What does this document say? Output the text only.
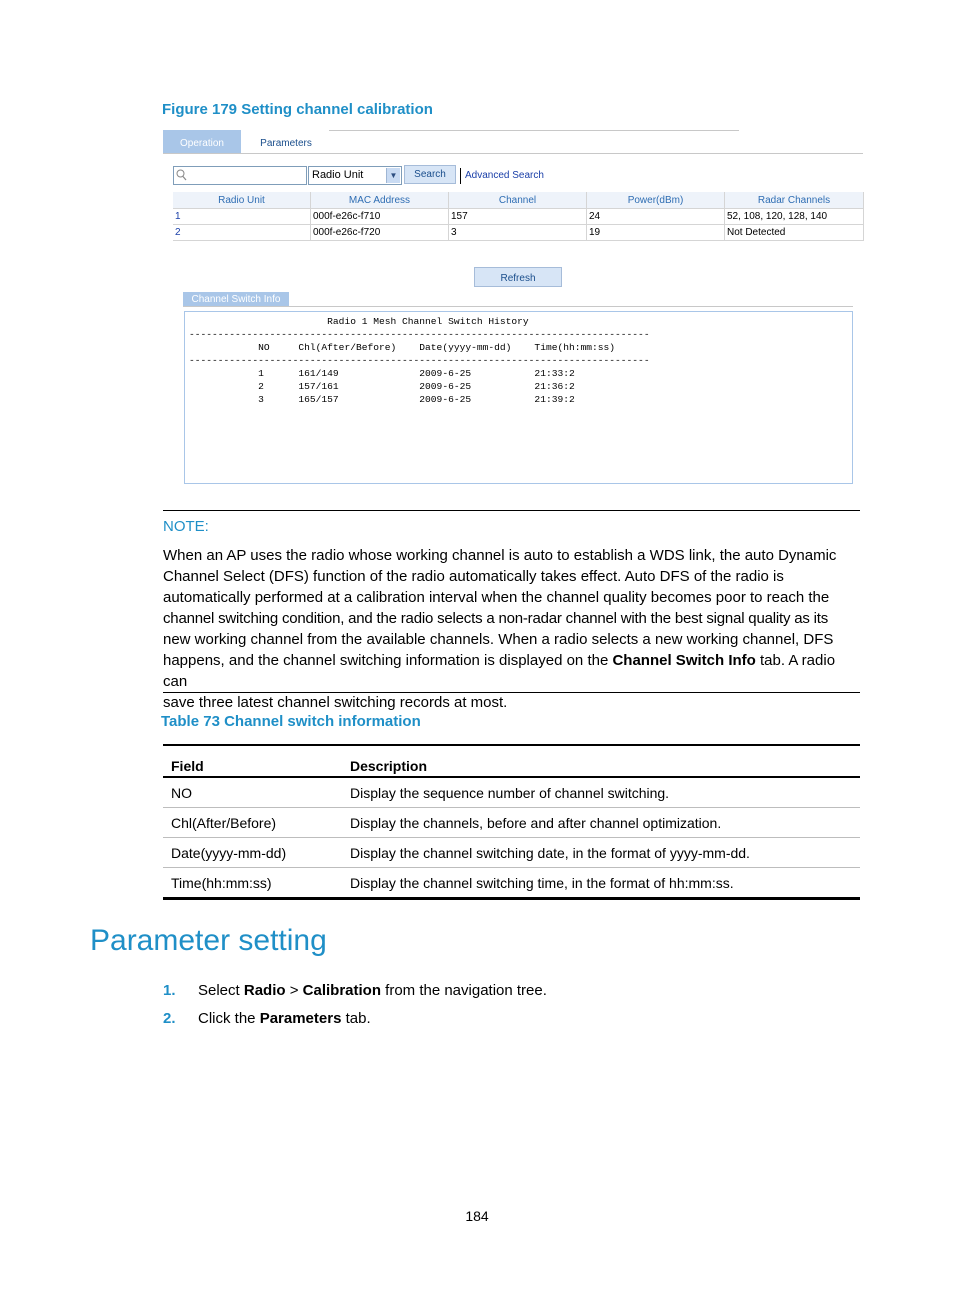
Figure 179 Setting channel calibration
Operation	Parameters
Radio Unit	▼	Search	Advanced Search
Radio Unit	MAC Address	Channel	Power(dBm)	Radar Channels
1	000f-e26c-f710	157	24	52, 108, 120, 128, 140
2	000f-e26c-f720	3	19	Not Detected
Refresh
Channel Switch Info
Radio 1 Mesh Channel Switch History
--------------------------------------------------------------------------------
NO     Chl(After/Before)    Date(yyyy-mm-dd)    Time(hh:mm:ss)
--------------------------------------------------------------------------------
1      161/149              2009-6-25           21:33:2
2      157/161              2009-6-25           21:36:2
3      165/157              2009-6-25           21:39:2
NOTE:

When an AP uses the radio whose working channel is auto to establish a WDS link, the auto Dynamic

Channel Select (DFS) function of the radio automatically takes effect. Auto DFS of the radio is

automatically performed at a calibration interval when the channel quality becomes poor to reach the

channel switching condition, and the radio selects a non-radar channel with the best signal quality as its

new working channel from the available channels. When a radio selects a new working channel, DFS

happens, and the channel switching information is displayed on the Channel Switch Info tab. A radio can

save three latest channel switching records at most.

Table 73 Channel switch information
Field	Description
NO	Display the sequence number of channel switching.
Chl(After/Before)	Display the channels, before and after channel optimization.
Date(yyyy-mm-dd)	Display the channel switching date, in the format of yyyy-mm-dd.
Time(hh:mm:ss)	Display the channel switching time, in the format of hh:mm:ss.
Parameter setting
1. Select Radio > Calibration from the navigation tree.
2. Click the Parameters tab.
184
